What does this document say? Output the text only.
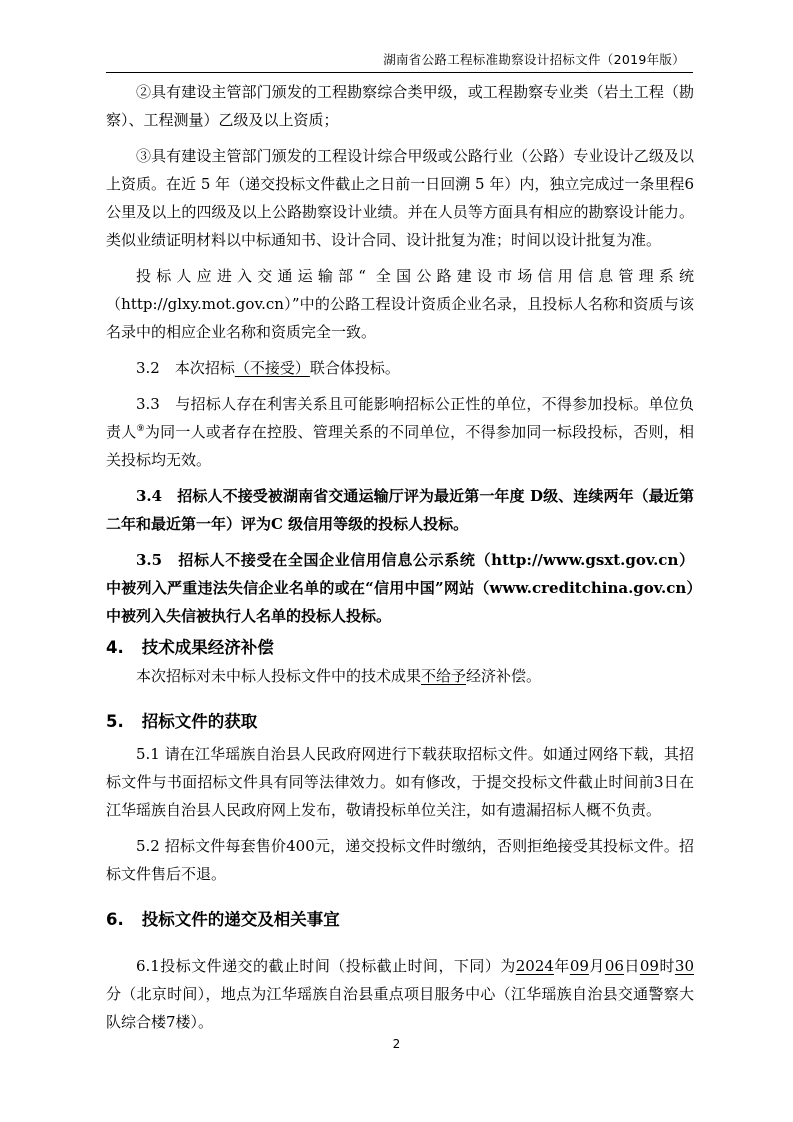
湖南省公路工程标准勘察设计招标文件（2019年版）

②具有建设主管部门颁发的工程勘察综合类甲级，或工程勘察专业类（岩土工程（勘察）、工程测量）乙级及以上资质；

③具有建设主管部门颁发的工程设计综合甲级或公路行业（公路）专业设计乙级及以上资质。在近 5 年（递交投标文件截止之日前一日回溯 5 年）内，独立完成过一条里程6公里及以上的四级及以上公路勘察设计业绩。并在人员等方面具有相应的勘察设计能力。类似业绩证明材料以中标通知书、设计合同、设计批复为准；时间以设计批复为准。

投标人应进入交通运输部“ 全国公路建设市场信用信息管理系统（http://glxy.mot.gov.cn）”中的公路工程设计资质企业名录，且投标人名称和资质与该名录中的相应企业名称和资质完全一致。

3.2　本次招标（不接受）联合体投标。

3.3　与招标人存在利害关系且可能影响招标公正性的单位，不得参加投标。单位负责人⑨为同一人或者存在控股、管理关系的不同单位，不得参加同一标段投标，否则，相关投标均无效。

3.4　招标人不接受被湖南省交通运输厅评为最近第一年度 D级、连续两年（最近第二年和最近第一年）评为C 级信用等级的投标人投标。

3.5　招标人不接受在全国企业信用信息公示系统（http://www.gsxt.gov.cn）中被列入严重违法失信企业名单的或在“信用中国”网站（www.creditchina.gov.cn）中被列入失信被执行人名单的投标人投标。

4. 技术成果经济补偿

本次招标对未中标人投标文件中的技术成果不给予经济补偿。

5. 招标文件的获取

5.1 请在江华瑶族自治县人民政府网进行下载获取招标文件。如通过网络下载，其招标文件与书面招标文件具有同等法律效力。如有修改，于提交投标文件截止时间前3日在江华瑶族自治县人民政府网上发布，敬请投标单位关注，如有遗漏招标人概不负责。

5.2 招标文件每套售价400元，递交投标文件时缴纳，否则拒绝接受其投标文件。招标文件售后不退。

6. 投标文件的递交及相关事宜

6.1投标文件递交的截止时间（投标截止时间，下同）为2024年09月06日09时30分（北京时间），地点为江华瑶族自治县重点项目服务中心（江华瑶族自治县交通警察大队综合楼7楼）。

2
